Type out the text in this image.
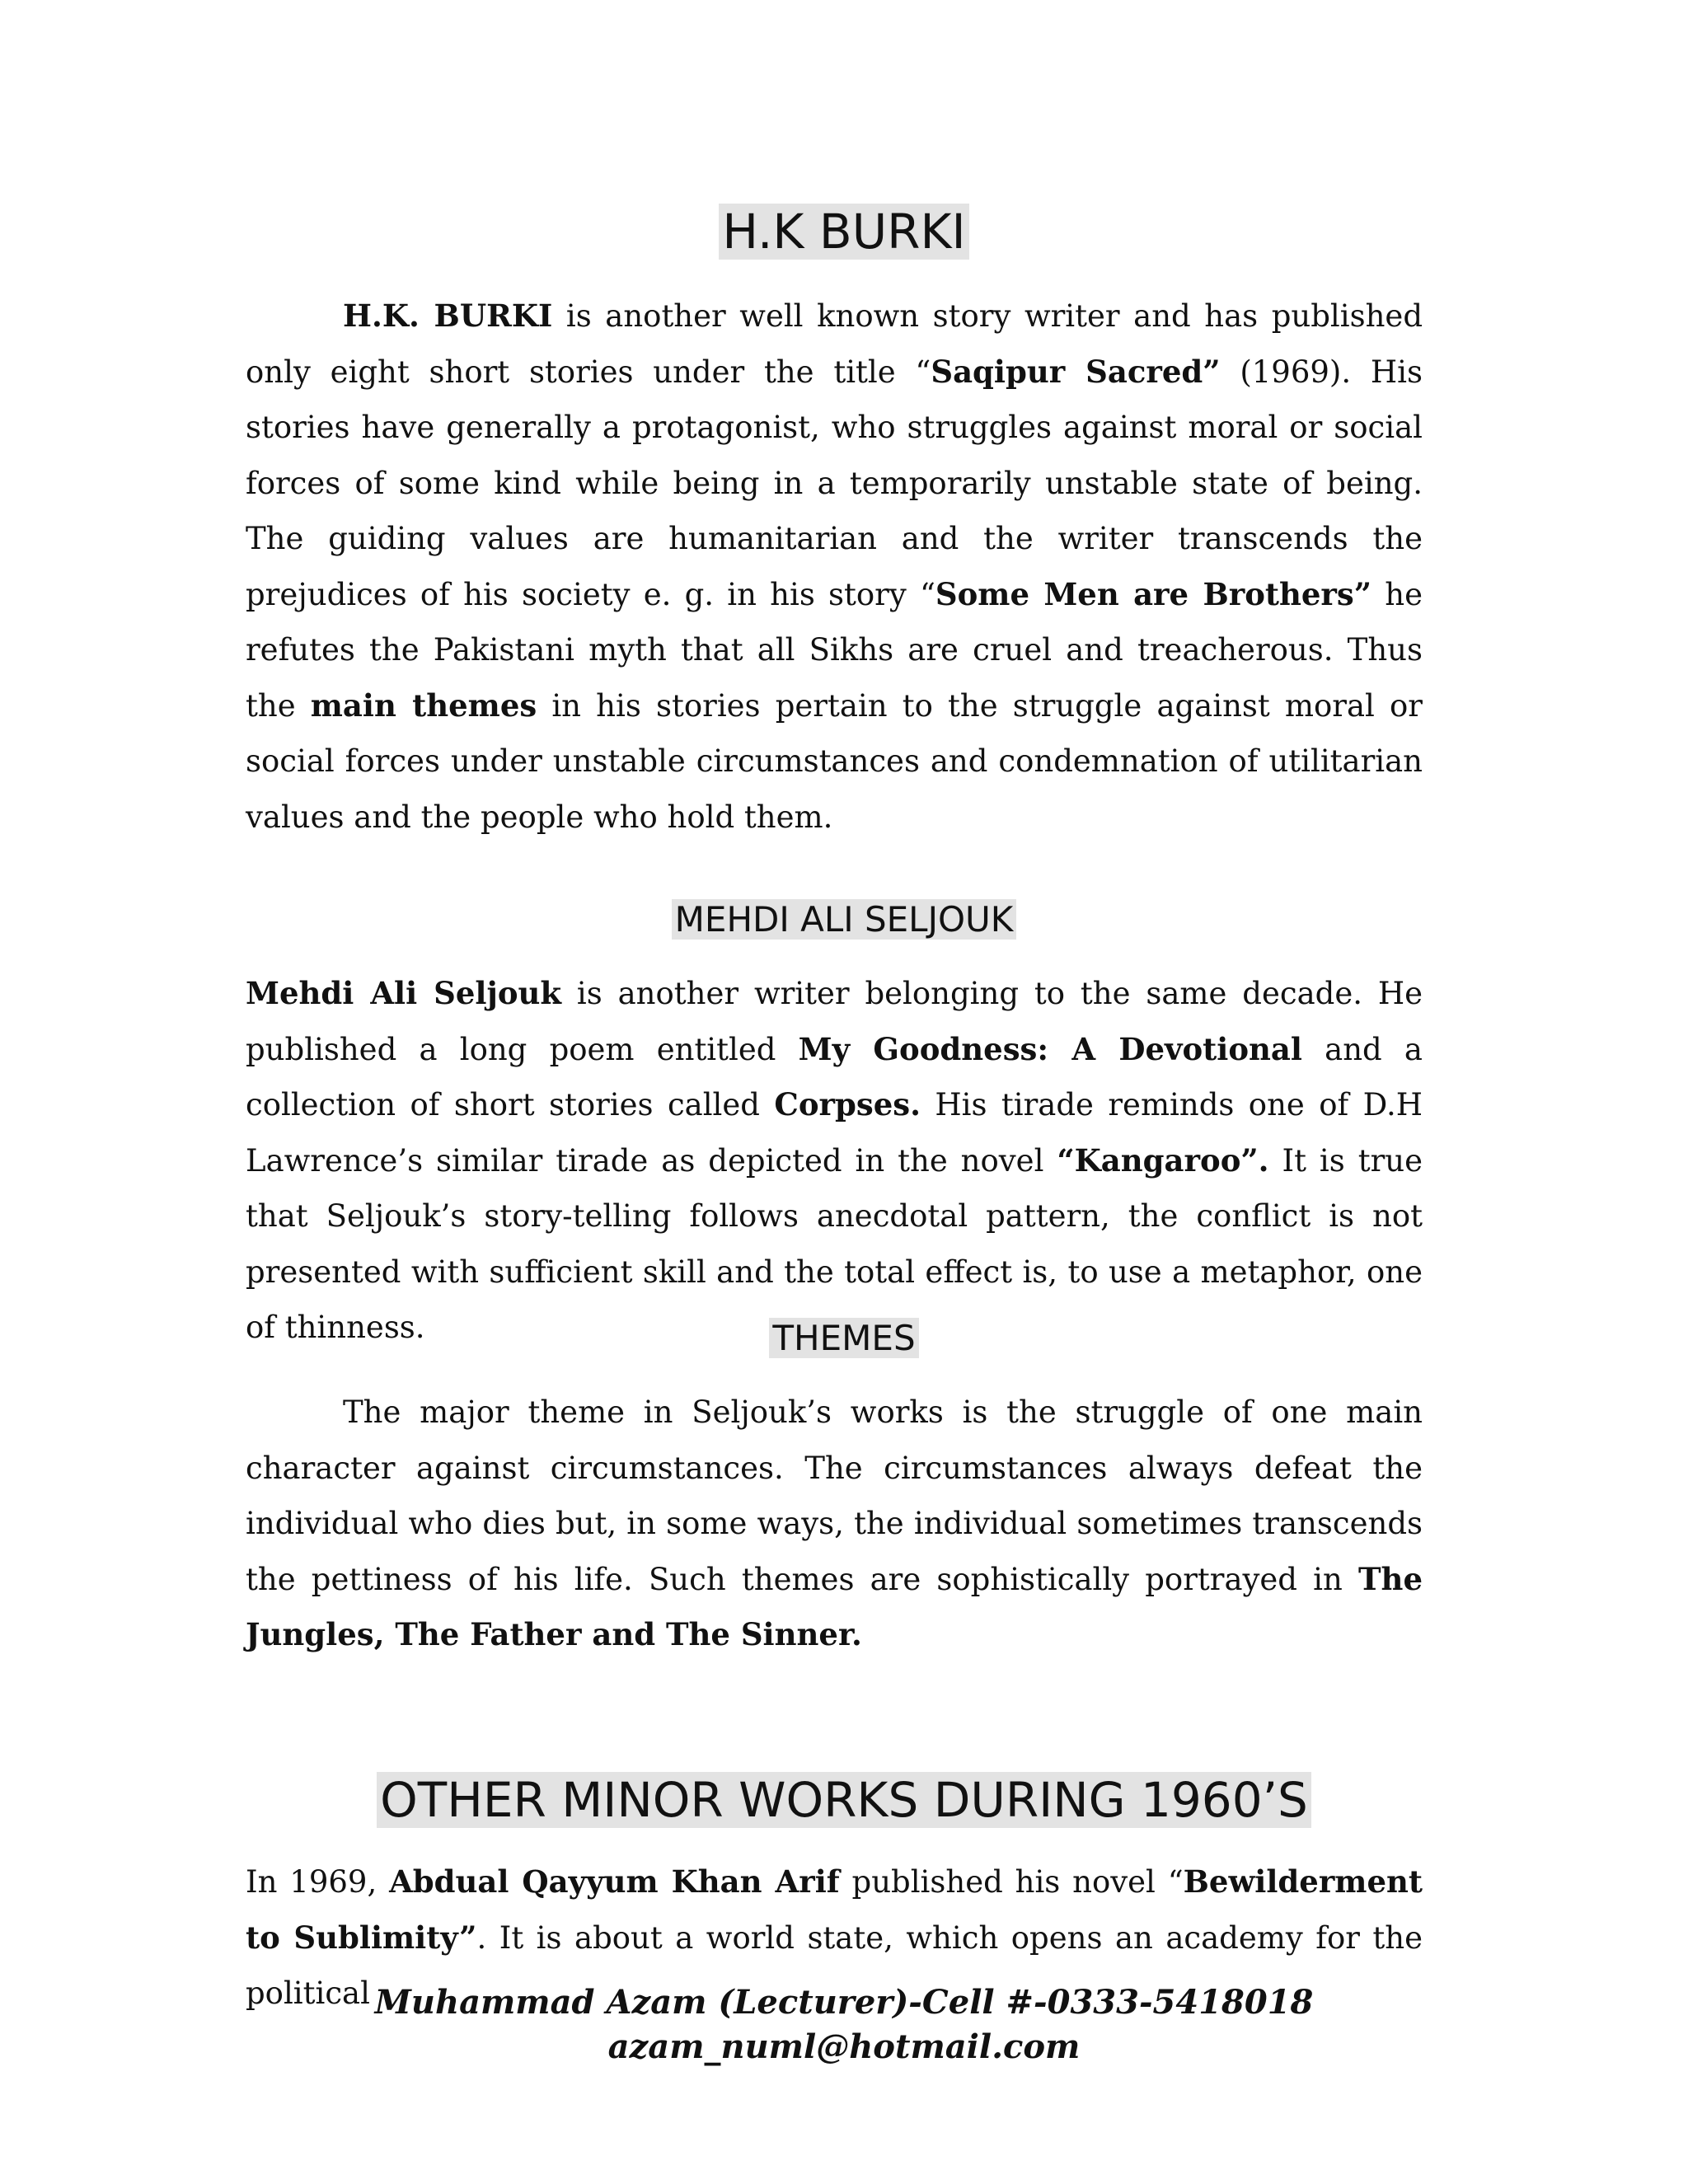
H.K BURKI

H.K. BURKI is another well known story writer and has published only eight short stories under the title “Saqipur Sacred” (1969). His stories have generally a protagonist, who struggles against moral or social forces of some kind while being in a temporarily unstable state of being. The guiding values are humanitarian and the writer transcends the prejudices of his society e. g. in his story “Some Men are Brothers” he refutes the Pakistani myth that all Sikhs are cruel and treacherous. Thus the main themes in his stories pertain to the struggle against moral or social forces under unstable circumstances and condemnation of utilitarian values and the people who hold them.

MEHDI ALI SELJOUK

Mehdi Ali Seljouk is another writer belonging to the same decade. He published a long poem entitled My Goodness: A Devotional and a collection of short stories called Corpses. His tirade reminds one of D.H Lawrence’s similar tirade as depicted in the novel “Kangaroo”. It is true that Seljouk’s story-telling follows anecdotal pattern, the conflict is not presented with sufficient skill and the total effect is, to use a metaphor, one of thinness.	THEMES

The major theme in Seljouk’s works is the struggle of one main character against circumstances. The circumstances always defeat the individual who dies but, in some ways, the individual sometimes transcends the pettiness of his life. Such themes are sophistically portrayed in The Jungles, The Father and The Sinner.

OTHER MINOR WORKS DURING 1960’S

In 1969, Abdual Qayyum Khan Arif published his novel “Bewilderment to Sublimity”. It is about a world state, which opens an academy for the political Muhammad Azam (Lecturer)-Cell #-0333-5418018
azam_numl@hotmail.com
